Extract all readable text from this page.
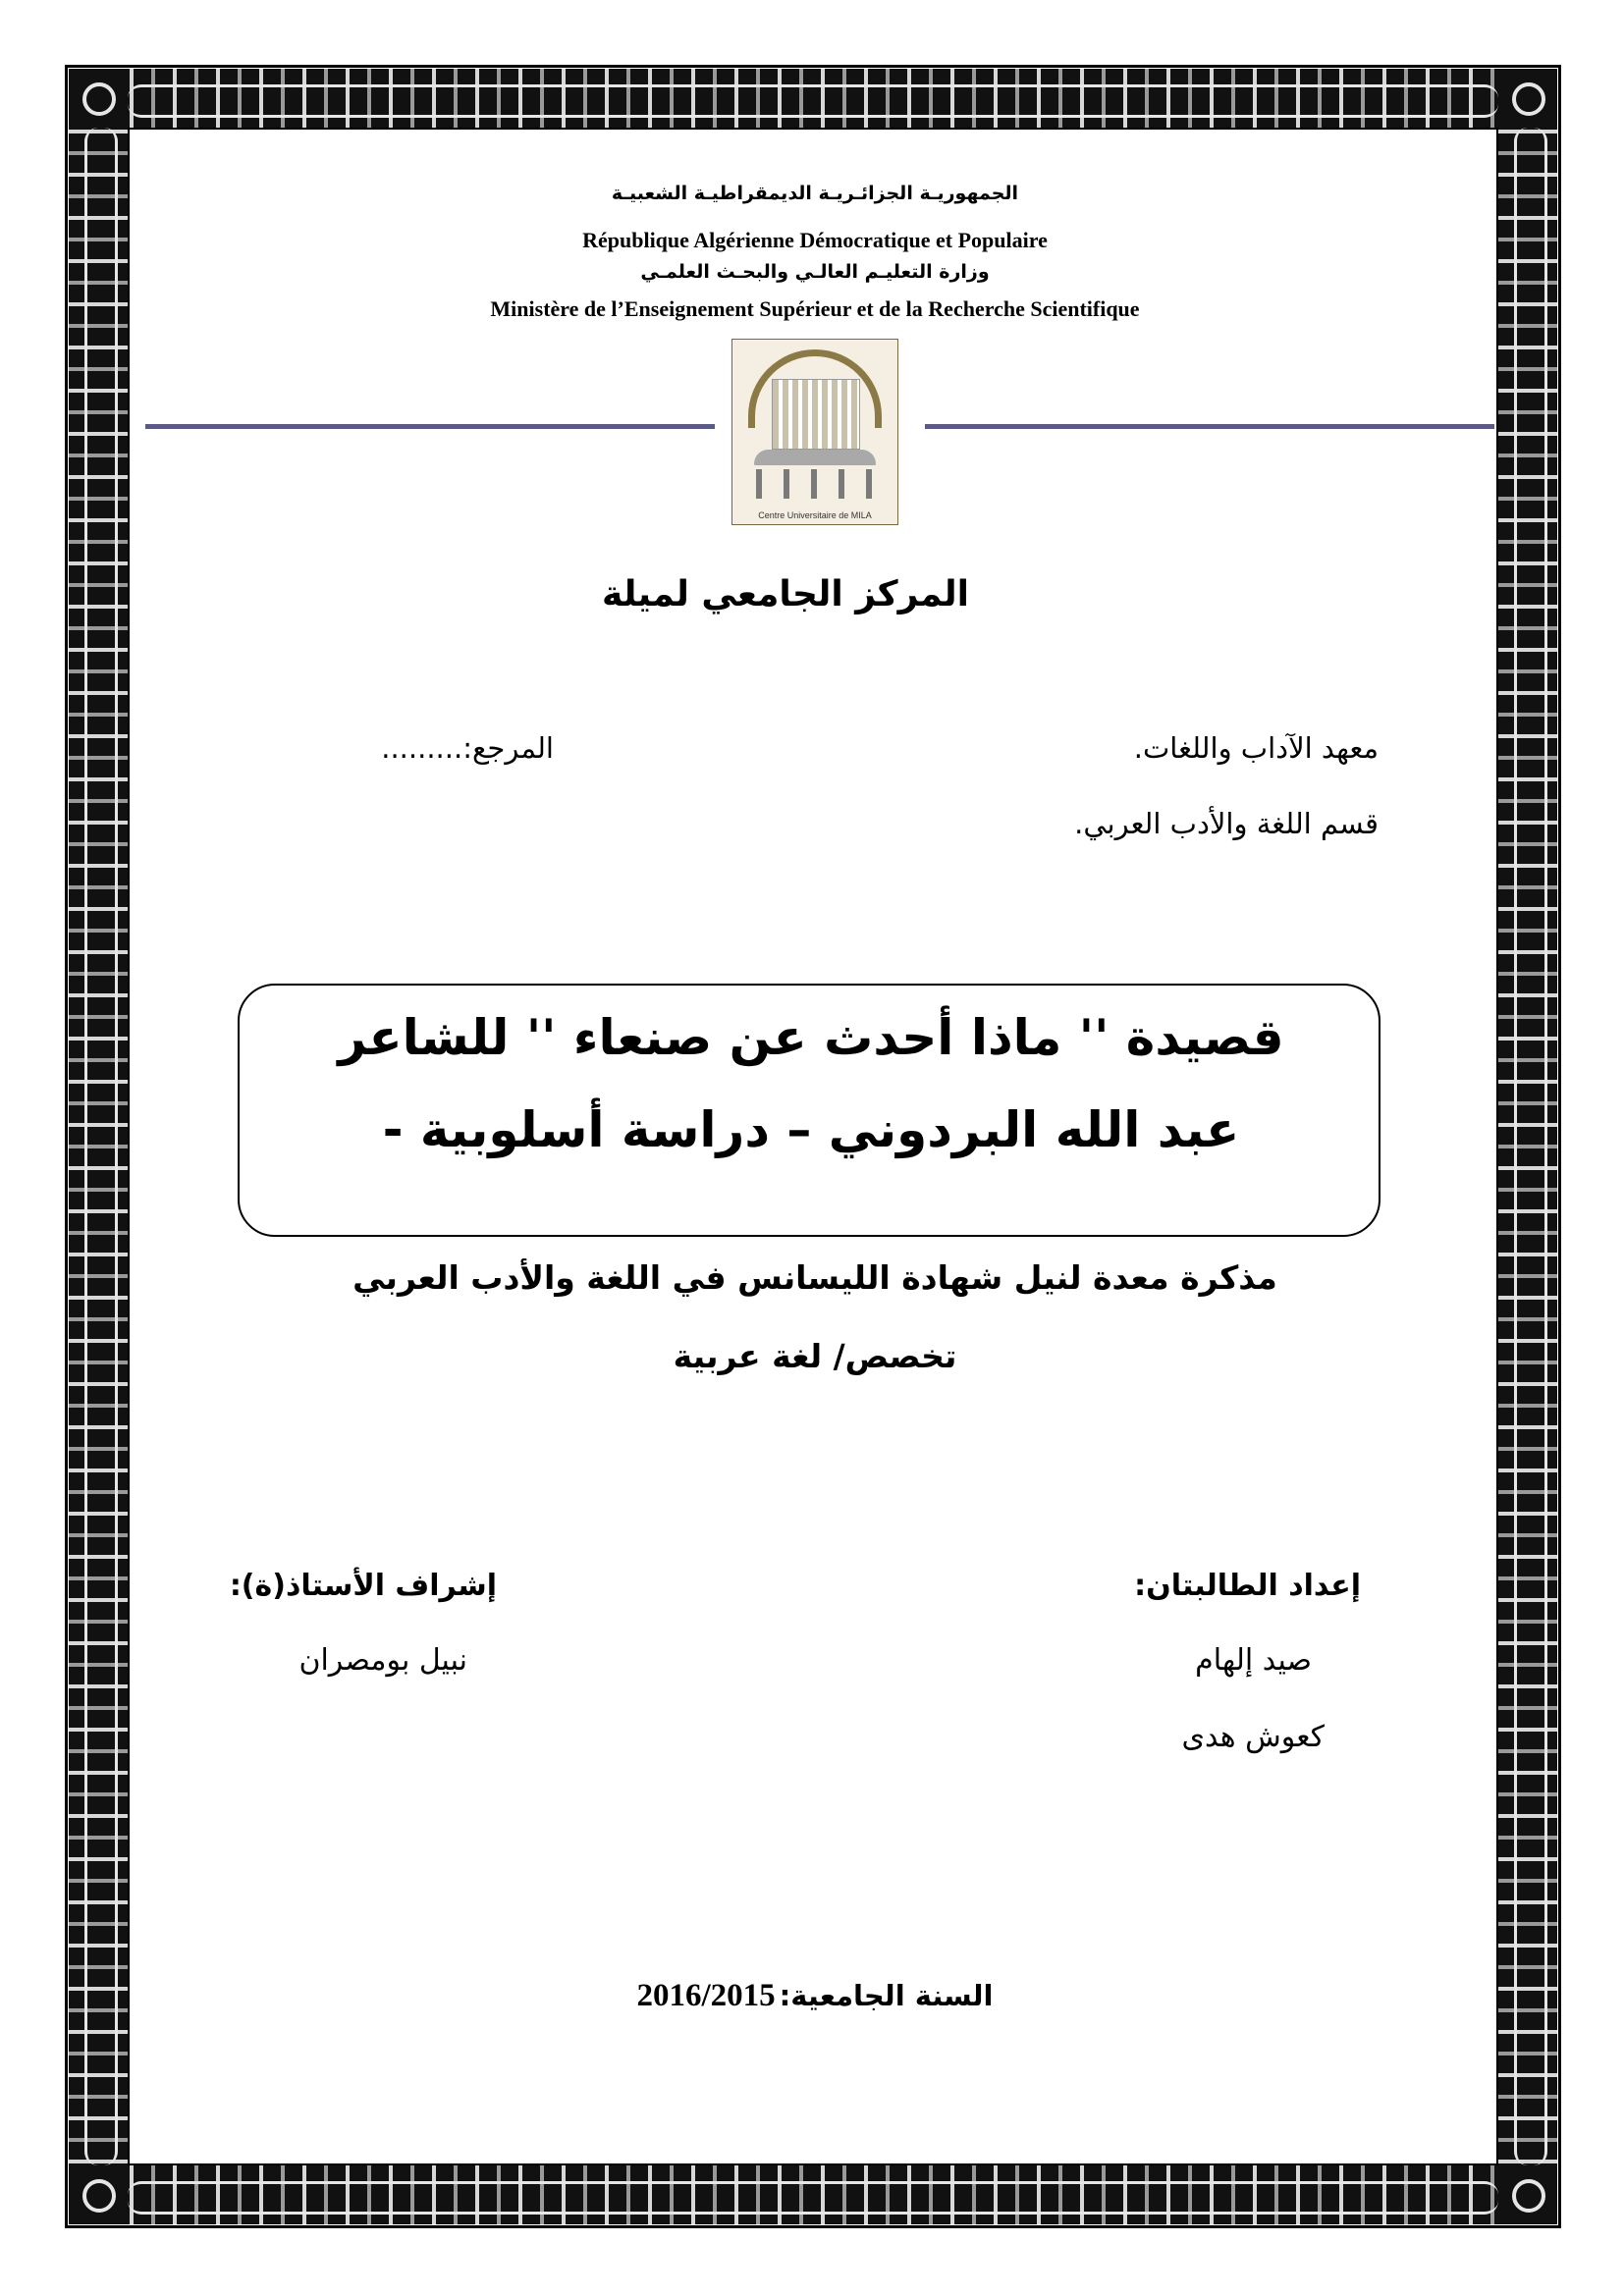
الجمهوريـة الجزائـريـة الديمقراطيـة الشعبيـة
République Algérienne Démocratique et Populaire
وزارة التعليـم العالـي والبحـث العلمـي
Ministère de l’Enseignement Supérieur et de la Recherche Scientifique
Centre Universitaire de MILA
المركز الجامعي لميلة
معهد الآداب واللغات.
المرجع:.........
قسم اللغة والأدب العربي.
قصيدة '' ماذا أحدث عن صنعاء '' للشاعر
عبد الله البردوني – دراسة أسلوبية -
مذكرة معدة لنيل شهادة الليسانس في اللغة والأدب العربي
تخصص/ لغة عربية
إعداد الطالبتان:
إشراف الأستاذ(ة):
صيد إلهام
نبيل بومصران
كعوش هدى
السنة الجامعية: 2016/2015
